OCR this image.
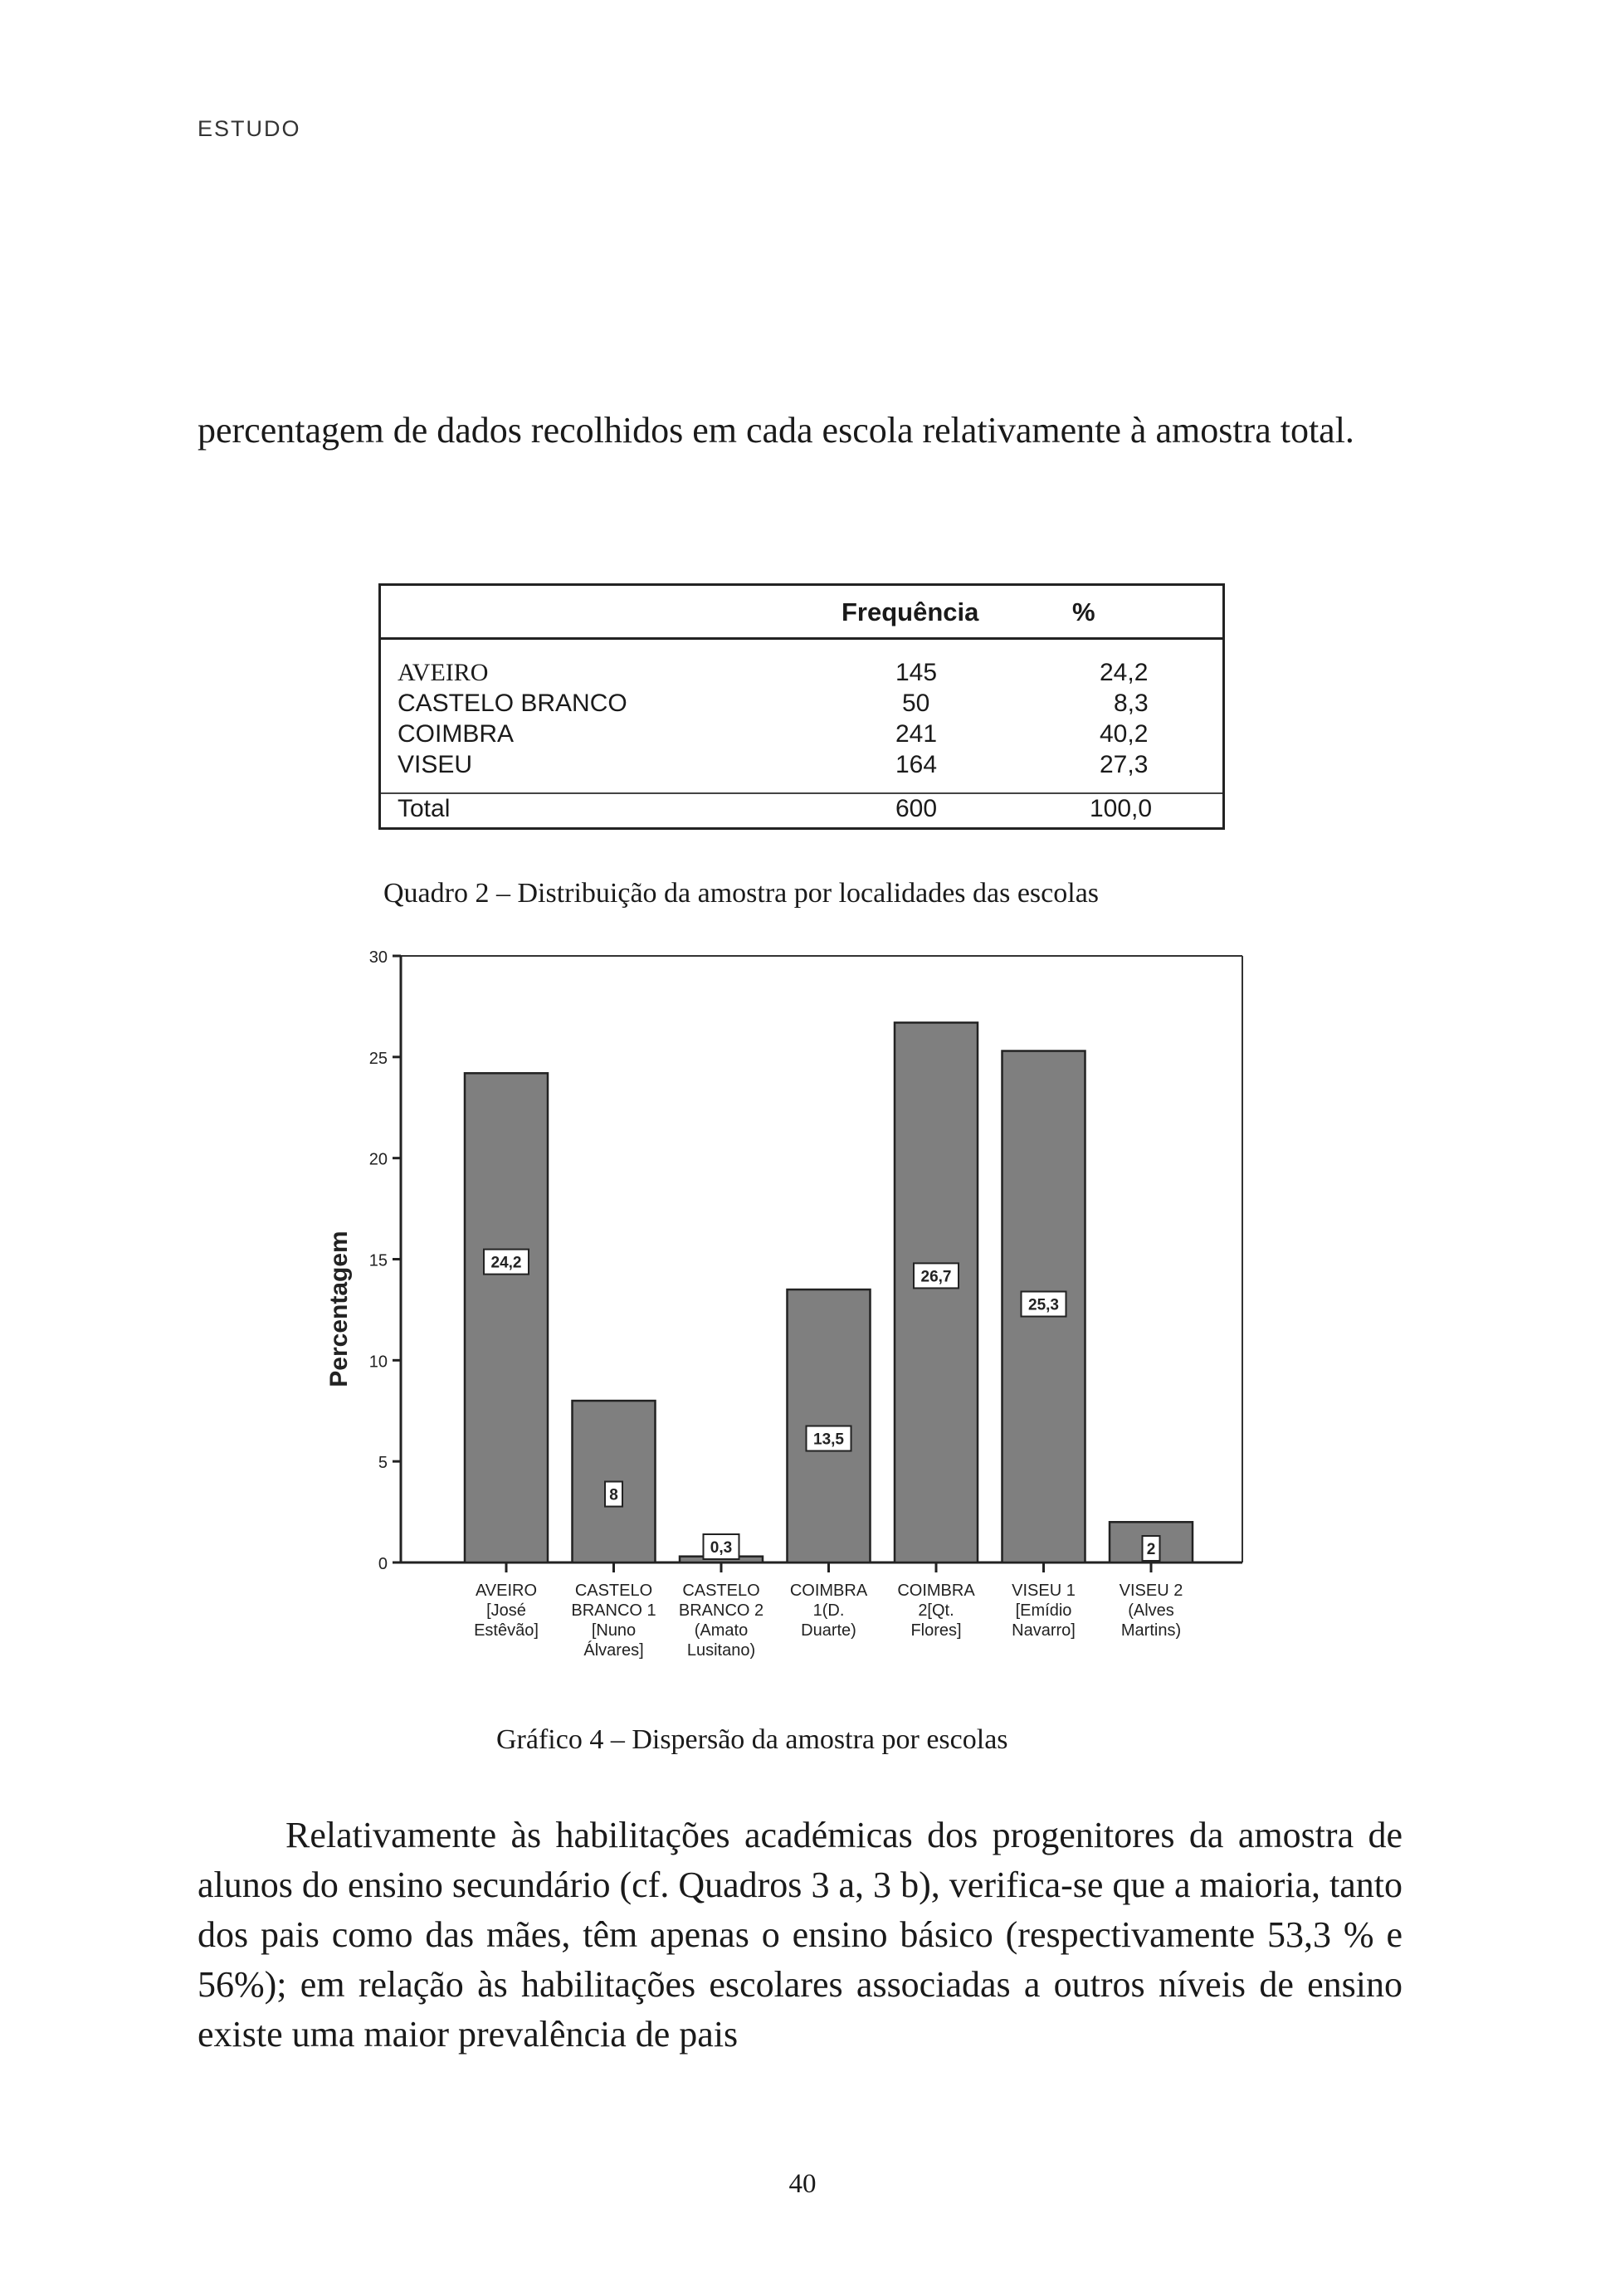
ESTUDO
percentagem de dados recolhidos em cada escola relativamente à amostra total.
Frequência	%
AVEIRO	145	24,2
CASTELO BRANCO	50	8,3
COIMBRA	241	40,2
VISEU	164	27,3
Total	600	100,0
Quadro 2 – Distribuição da amostra por localidades das escolas
0
5
10
15
20
25
30
Percentagem	24,2
AVEIRO
[José
Estêvão]
8
CASTELO
BRANCO 1
[Nuno
Álvares]
0,3
CASTELO
BRANCO 2
(Amato
Lusitano)
13,5
COIMBRA
1(D.
Duarte)
26,7
COIMBRA
2[Qt.
Flores]
25,3
VISEU 1
[Emídio
Navarro]
2
VISEU 2
(Alves
Martins)
Gráfico 4 – Dispersão da amostra por escolas
Relativamente às habilitações académicas dos progenitores da amostra de alunos do ensino secundário (cf. Quadros 3 a, 3 b), verifica-se que a maioria, tanto dos pais como das mães, têm apenas o ensino básico (respectivamente 53,3 % e 56%); em relação às habilitações escolares associadas a outros níveis de ensino existe uma maior prevalência de pais
40
